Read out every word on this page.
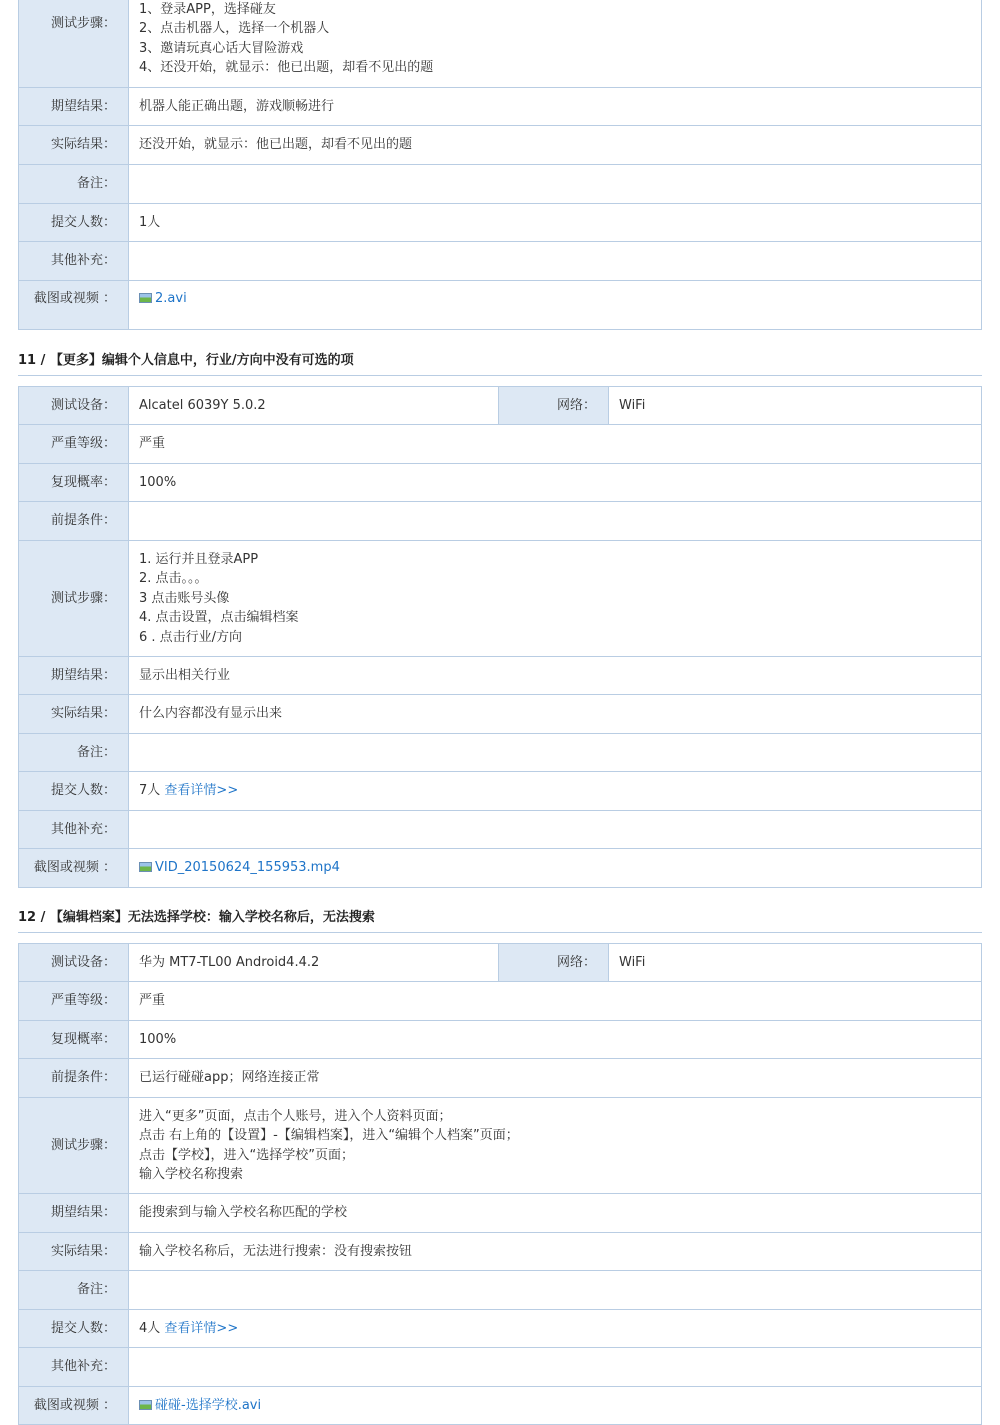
测试步骤：	1、登录APP，选择碰友
2、点击机器人，选择一个机器人
3、邀请玩真心话大冒险游戏
4、还没开始，就显示：他已出题，却看不见出的题

期望结果：	机器人能正确出题，游戏顺畅进行
实际结果：	还没开始，就显示：他已出题，却看不见出的题
备注：	
提交人数：	1人
其他补充：	
截图或视频 ：	2.avi
11 / 【更多】编辑个人信息中，行业/方向中没有可选的项
测试设备：	Alcatel 6039Y 5.0.2	网络：	WiFi
严重等级：	严重		
复现概率：	100%		
前提条件：			
测试步骤：	1. 运行并且登录APP
2. 点击。。。
3 点击账号头像
4. 点击设置，点击编辑档案
6 . 点击行业/方向		

期望结果：	显示出相关行业		
实际结果：	什么内容都没有显示出来		
备注：			
提交人数：	7人 查看详情>>		
其他补充：			
截图或视频 ：	VID_20150624_155953.mp4		
12 / 【编辑档案】无法选择学校：输入学校名称后，无法搜索
测试设备：	华为 MT7-TL00 Android4.4.2	网络：	WiFi
严重等级：	严重		
复现概率：	100%		
前提条件：	已运行碰碰app；网络连接正常		
测试步骤：	进入“更多”页面，点击个人账号，进入个人资料页面；
点击 右上角的【设置】-【编辑档案】，进入“编辑个人档案”页面；
点击【学校】，进入“选择学校”页面；
输入学校名称搜索		

期望结果：	能搜索到与输入学校名称匹配的学校		
实际结果：	输入学校名称后，无法进行搜索：没有搜索按钮		
备注：			
提交人数：	4人 查看详情>>		
其他补充：			
截图或视频 ：	碰碰-选择学校.avi		
